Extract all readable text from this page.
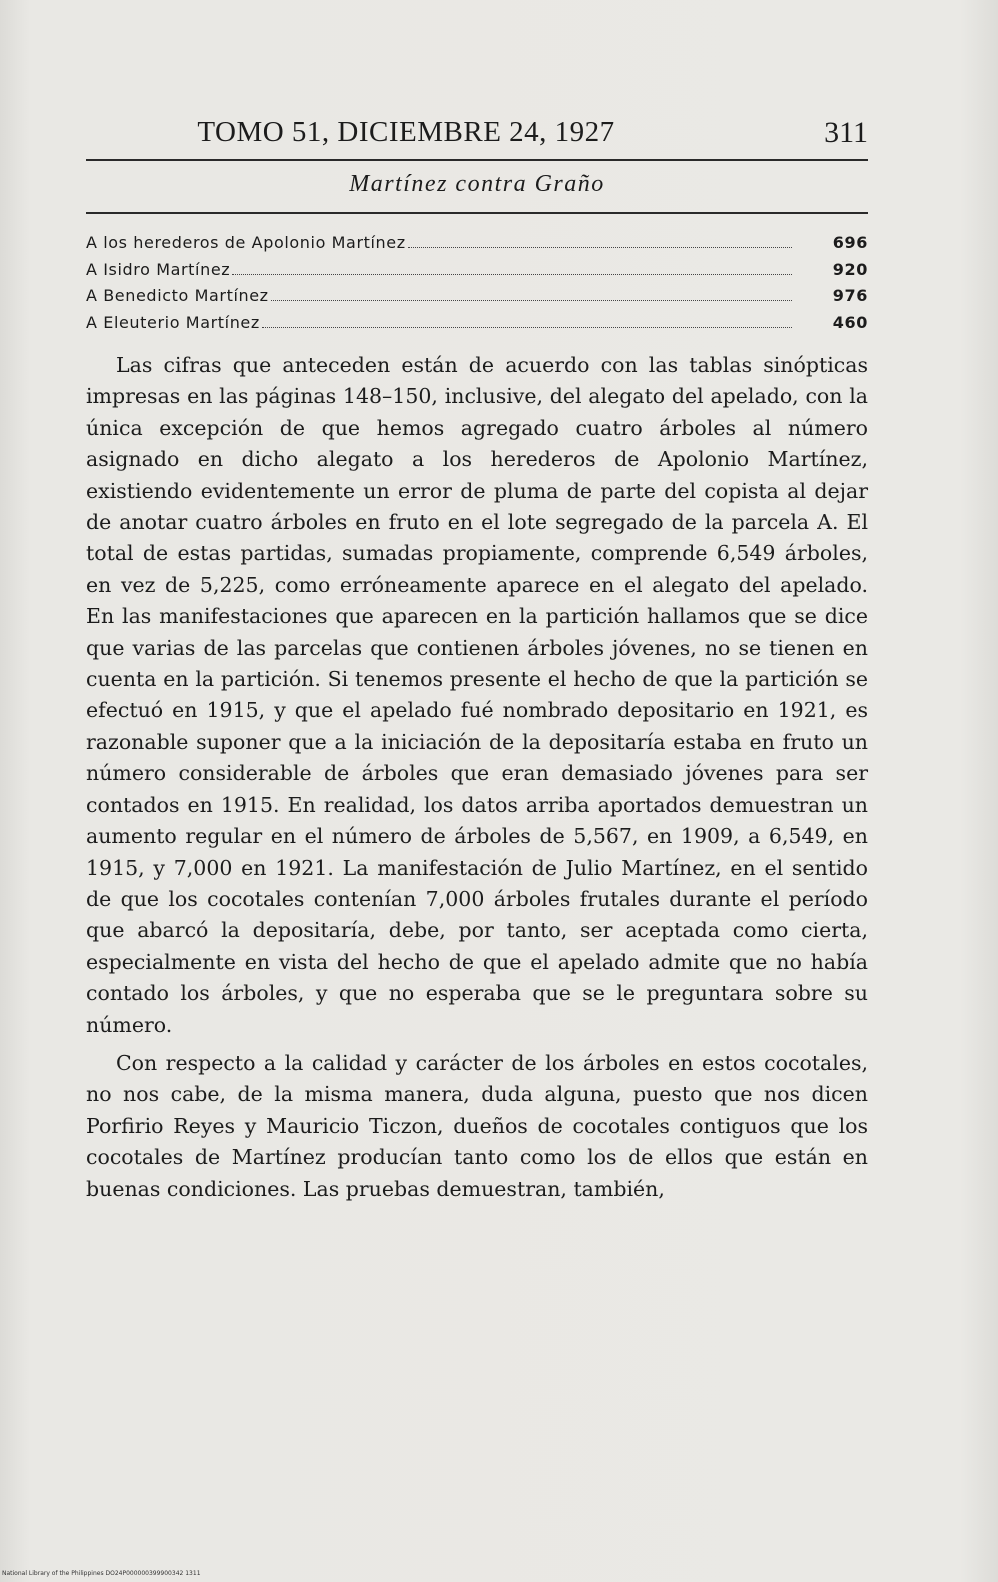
TOMO 51, DICIEMBRE 24, 1927	311
Martínez contra Graño
A los herederos de Apolonio Martínez	696
A Isidro Martínez	920
A Benedicto Martínez	976
A Eleuterio Martínez	460

Las cifras que anteceden están de acuerdo con las tablas sinópticas impresas en las páginas 148–150, inclusive, del alegato del apelado, con la única excepción de que hemos agregado cuatro árboles al número asignado en dicho alegato a los herederos de Apolonio Martínez, existiendo evidentemente un error de pluma de parte del copista al dejar de anotar cuatro árboles en fruto en el lote segregado de la parcela A. El total de estas partidas, sumadas propiamente, comprende 6,549 árboles, en vez de 5,225, como erróneamente aparece en el alegato del apelado. En las manifestaciones que aparecen en la partición hallamos que se dice que varias de las parcelas que contienen árboles jóvenes, no se tienen en cuenta en la partición. Si tenemos presente el hecho de que la partición se efectuó en 1915, y que el apelado fué nombrado depositario en 1921, es razonable suponer que a la iniciación de la depositaría estaba en fruto un número considerable de árboles que eran demasiado jóvenes para ser contados en 1915. En realidad, los datos arriba aportados demuestran un aumento regular en el número de árboles de 5,567, en 1909, a 6,549, en 1915, y 7,000 en 1921. La manifestación de Julio Martínez, en el sentido de que los cocotales contenían 7,000 árboles frutales durante el período que abarcó la depositaría, debe, por tanto, ser aceptada como cierta, especialmente en vista del hecho de que el apelado admite que no había contado los árboles, y que no esperaba que se le preguntara sobre su número.

Con respecto a la calidad y carácter de los árboles en estos cocotales, no nos cabe, de la misma manera, duda alguna, puesto que nos dicen Porfirio Reyes y Mauricio Ticzon, dueños de cocotales contiguos que los cocotales de Martínez producían tanto como los de ellos que están en buenas condiciones. Las pruebas demuestran, también,

National Library of the Philippines DO24P000000399900342 1311
